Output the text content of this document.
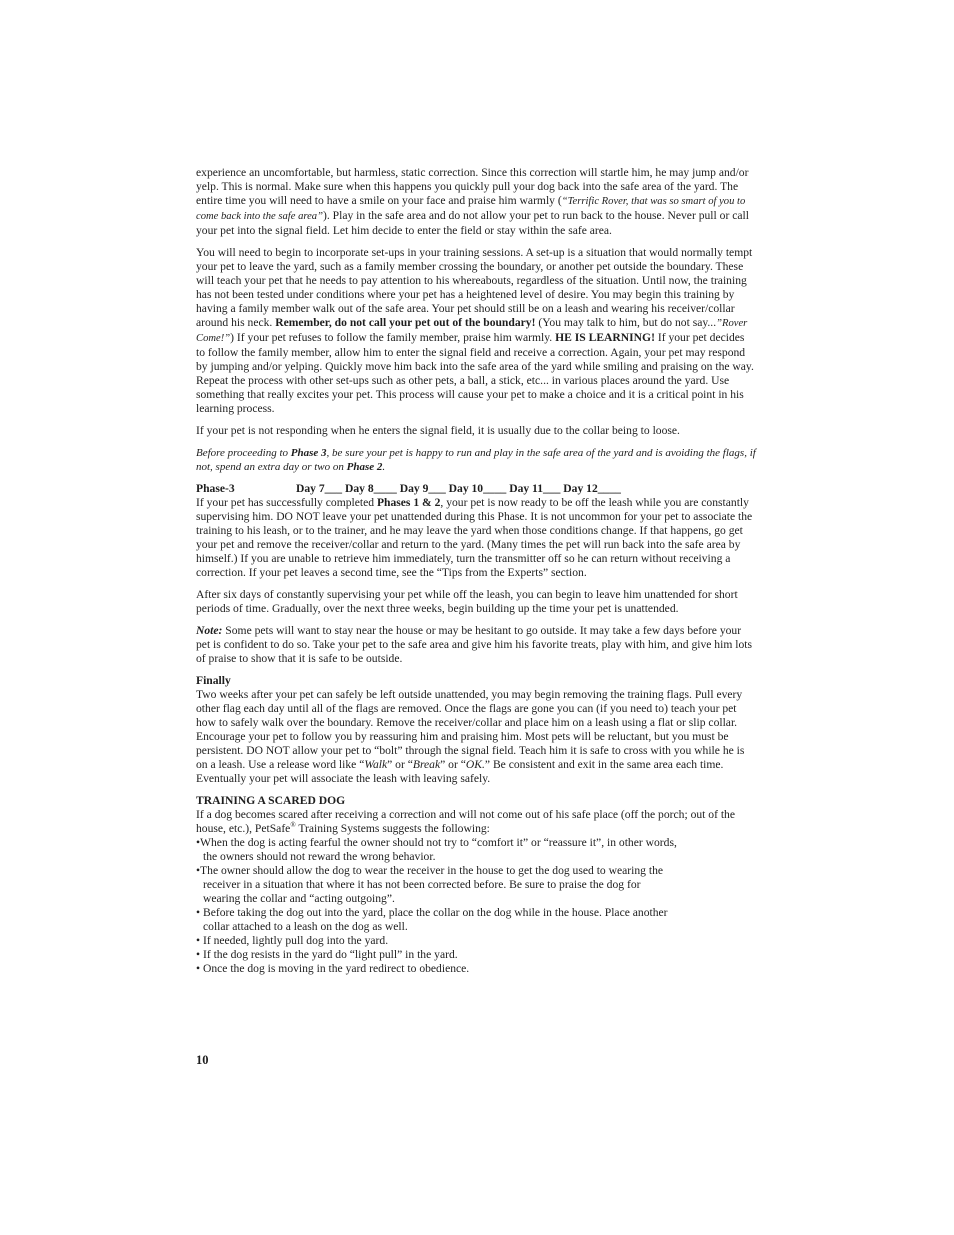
experience an uncomfortable, but harmless, static correction. Since this correction will startle him, he may jump and/or yelp. This is normal. Make sure when this happens you quickly pull your dog back into the safe area of the yard. The entire time you will need to have a smile on your face and praise him warmly (“Terrific Rover, that was so smart of you to come back into the safe area”). Play in the safe area and do not allow your pet to run back to the house. Never pull or call your pet into the signal field. Let him decide to enter the field or stay within the safe area.

You will need to begin to incorporate set-ups in your training sessions. A set-up is a situation that would normally tempt your pet to leave the yard, such as a family member crossing the boundary, or another pet outside the boundary. These will teach your pet that he needs to pay attention to his whereabouts, regardless of the situation. Until now, the training has not been tested under conditions where your pet has a heightened level of desire. You may begin this training by having a family member walk out of the safe area. Your pet should still be on a leash and wearing his receiver/collar around his neck. Remember, do not call your pet out of the boundary! (You may talk to him, but do not say...”Rover Come!”) If your pet refuses to follow the family member, praise him warmly. HE IS LEARNING! If your pet decides to follow the family member, allow him to enter the signal field and receive a correction. Again, your pet may respond by jumping and/or yelping. Quickly move him back into the safe area of the yard while smiling and praising on the way. Repeat the process with other set-ups such as other pets, a ball, a stick, etc... in various places around the yard. Use something that really excites your pet. This process will cause your pet to make a choice and it is a critical point in his learning process.

If your pet is not responding when he enters the signal field, it is usually due to the collar being to loose.

Before proceeding to Phase 3, be sure your pet is happy to run and play in the safe area of the yard and is avoiding the flags, if not, spend an extra day or two on Phase 2.

Phase-3	Day 7___ Day 8____ Day 9___ Day 10____ Day 11___ Day 12____

If your pet has successfully completed Phases 1 & 2, your pet is now ready to be off the leash while you are constantly supervising him. DO NOT leave your pet unattended during this Phase. It is not uncommon for your pet to associate the training to his leash, or to the trainer, and he may leave the yard when those conditions change. If that happens, go get your pet and remove the receiver/collar and return to the yard. (Many times the pet will run back into the safe area by himself.) If you are unable to retrieve him immediately, turn the transmitter off so he can return without receiving a correction. If your pet leaves a second time, see the “Tips from the Experts” section.

After six days of constantly supervising your pet while off the leash, you can begin to leave him unattended for short periods of time. Gradually, over the next three weeks, begin building up the time your pet is unattended.

Note: Some pets will want to stay near the house or may be hesitant to go outside. It may take a few days before your pet is confident to do so. Take your pet to the safe area and give him his favorite treats, play with him, and give him lots of praise to show that it is safe to be outside.

Finally

Two weeks after your pet can safely be left outside unattended, you may begin removing the training flags. Pull every other flag each day until all of the flags are removed. Once the flags are gone you can (if you need to) teach your pet how to safely walk over the boundary. Remove the receiver/collar and place him on a leash using a flat or slip collar. Encourage your pet to follow you by reassuring him and praising him. Most pets will be reluctant, but you must be persistent. DO NOT allow your pet to “bolt” through the signal field. Teach him it is safe to cross with you while he is on a leash. Use a release word like “Walk” or “Break” or “OK.” Be consistent and exit in the same area each time. Eventually your pet will associate the leash with leaving safely.

TRAINING A SCARED DOG

If a dog becomes scared after receiving a correction and will not come out of his safe place (off the porch; out of the house, etc.), PetSafe® Training Systems suggests the following:

•When the dog is acting fearful the owner should not try to “comfort it” or “reassure it”, in other words, the owners should not reward the wrong behavior.
•The owner should allow the dog to wear the receiver in the house to get the dog used to wearing the receiver in a situation that where it has not been corrected before. Be sure to praise the dog for wearing the collar and “acting outgoing”.
• Before taking the dog out into the yard, place the collar on the dog while in the house. Place another collar attached to a leash on the dog as well.
• If needed, lightly pull dog into the yard.
• If the dog resists in the yard do “light pull” in the yard.
• Once the dog is moving in the yard redirect to obedience.
10
